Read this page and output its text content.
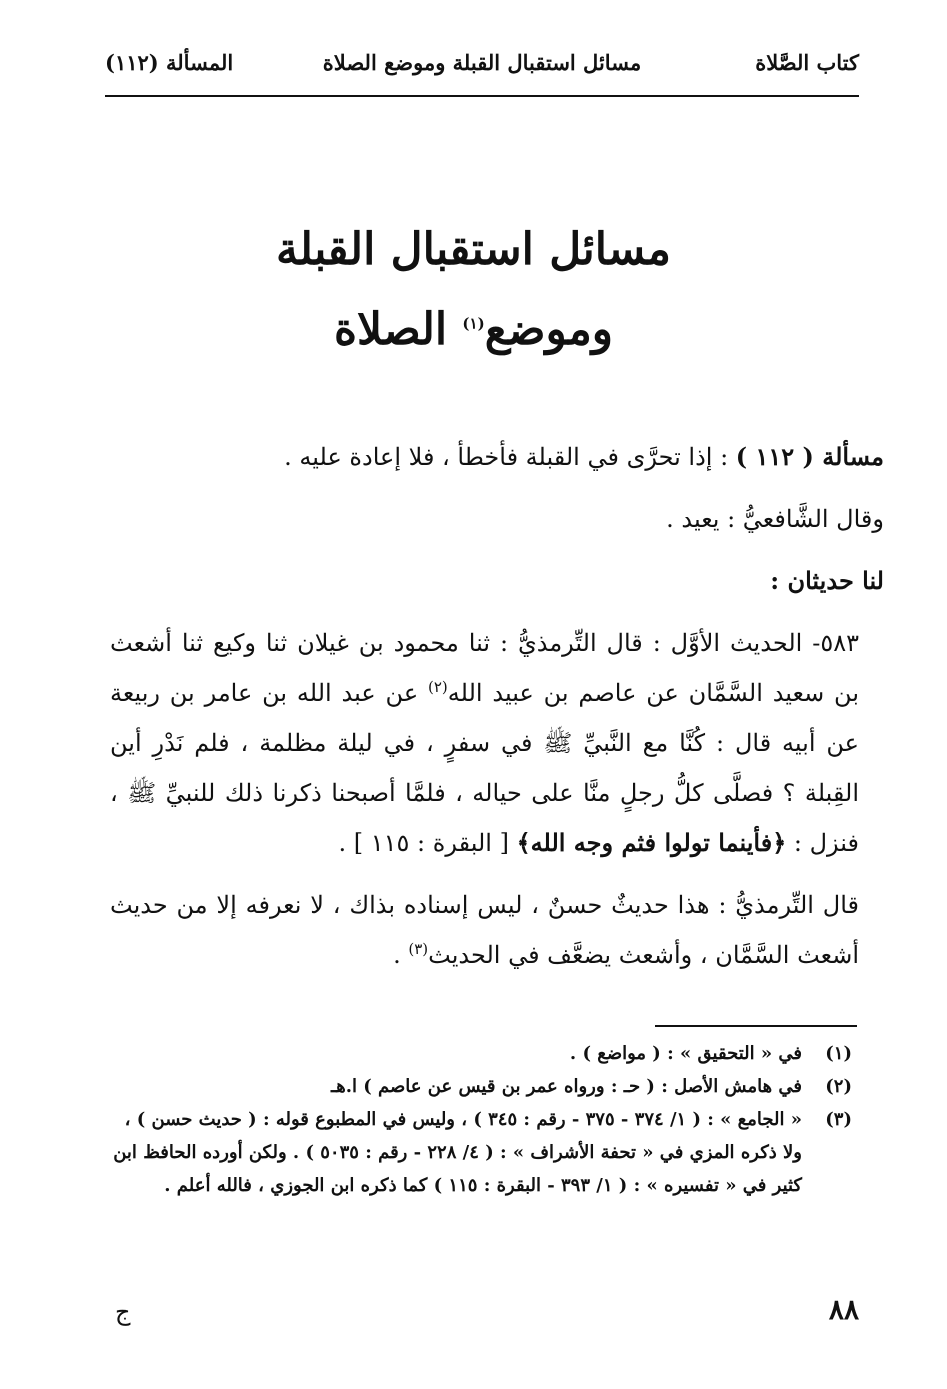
كتاب الصَّلاة
مسائل استقبال القبلة وموضع الصلاة
المسألة (١١٢)
مسائل استقبال القبلة
وموضع$^{(١)}$ الصلاة

مسألة ( ١١٢ ) : إذا تحرَّى في القبلة فأخطأ ، فلا إعادة عليه .

وقال الشَّافعيُّ : يعيد .

لنا حديثان :

٥٨٣- الحديث الأوَّل : قال التِّرمذيُّ : ثنا محمود بن غيلان ثنا وكيع ثنا أشعث بن سعيد السَّمَّان عن عاصم بن عبيد الله$^{(٢)}$ عن عبد الله بن عامر بن ربيعة عن أبيه قال : كُنَّا مع النَّبيِّ ﷺ في سفرٍ ، في ليلة مظلمة ، فلم نَدْرِ أين القِبلة ؟ فصلَّى كلُّ رجلٍ منَّا على حياله ، فلمَّا أصبحنا ذكرنا ذلك للنبيِّ ﷺ ، فنزل : ﴿فأينما تولوا فثم وجه الله﴾ [ البقرة : ١١٥ ] .

قال التِّرمذيُّ : هذا حديثٌ حسنٌ ، ليس إسناده بذاك ، لا نعرفه إلا من حديث أشعث السَّمَّان ، وأشعث يضعَّف في الحديث$^{(٣)}$ .

(١)
في « التحقيق » : ( مواضع ) .

(٢)
في هامش الأصل : ( حـ : ورواه عمر بن قيس عن عاصم ) ا.هـ

(٣)
« الجامع » : ( ١/ ٣٧٤ - ٣٧٥ - رقم : ٣٤٥ ) ، وليس في المطبوع قوله : ( حديث حسن ) ، ولا ذكره المزي في « تحفة الأشراف » : ( ٤/ ٢٢٨ - رقم : ٥٠٣٥ ) . ولكن أورده الحافظ ابن كثير في « تفسيره » : ( ١/ ٣٩٣ - البقرة : ١١٥ ) كما ذكره ابن الجوزي ، فالله أعلم .

٨٨
ج
